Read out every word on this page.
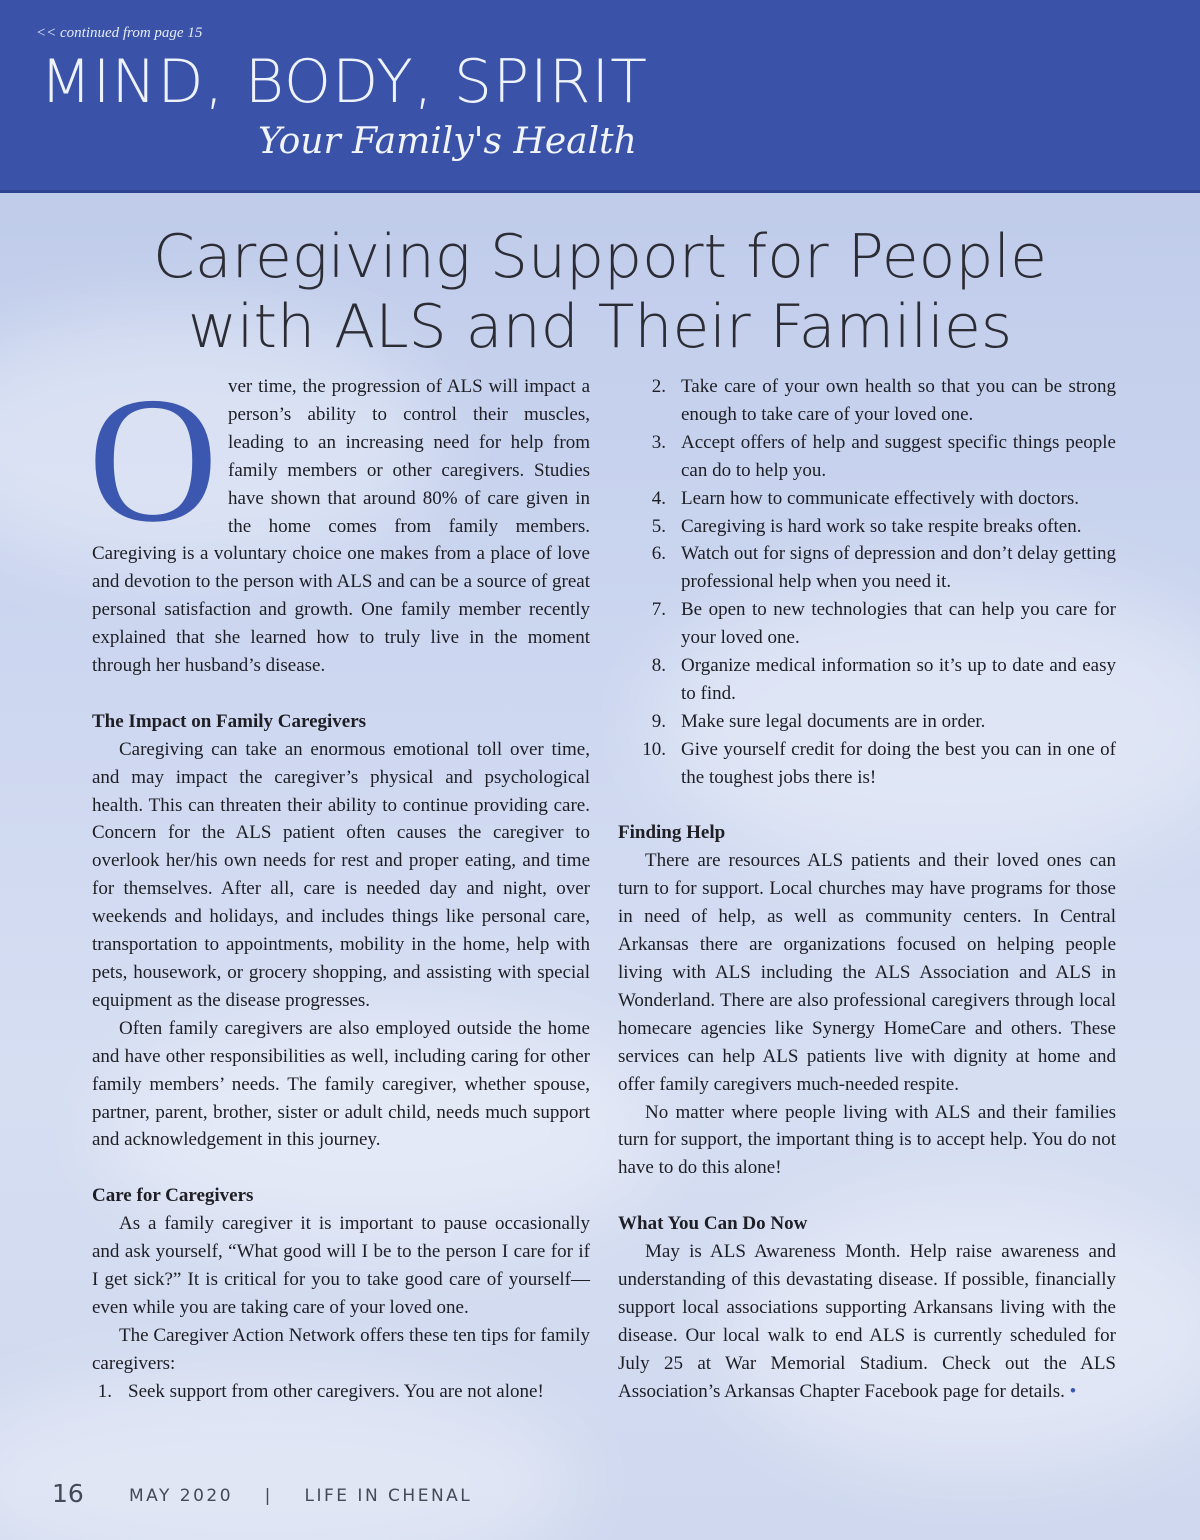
<< continued from page 15
MIND, BODY, SPIRIT
Your Family's Health
Caregiving Support for People
with ALS and Their Families

Over time, the progression of ALS will impact a person’s ability to control their muscles, leading to an increasing need for help from family members or other caregivers. Studies have shown that around 80% of care given in the home comes from family members. Caregiving is a voluntary choice one makes from a place of love and devotion to the person with ALS and can be a source of great personal satisfaction and growth. One family member recently explained that she learned how to truly live in the moment through her husband’s disease.

The Impact on Family Caregivers

Caregiving can take an enormous emotional toll over time, and may impact the caregiver’s physical and psychological health. This can threaten their ability to continue providing care. Concern for the ALS patient often causes the caregiver to overlook her/his own needs for rest and proper eating, and time for themselves. After all, care is needed day and night, over weekends and holidays, and includes things like personal care, transportation to appointments, mobility in the home, help with pets, housework, or grocery shopping, and assisting with special equipment as the disease progresses.

Often family caregivers are also employed outside the home and have other responsibilities as well, including caring for other family members’ needs. The family caregiver, whether spouse, partner, parent, brother, sister or adult child, needs much support and acknowledgement in this journey.

Care for Caregivers

As a family caregiver it is important to pause occasionally and ask yourself, “What good will I be to the person I care for if I get sick?” It is critical for you to take good care of yourself—even while you are taking care of your loved one.

The Caregiver Action Network offers these ten tips for family caregivers:

1. Seek support from other caregivers. You are not alone!
2. Take care of your own health so that you can be strong enough to take care of your loved one.
3. Accept offers of help and suggest specific things people can do to help you.
4. Learn how to communicate effectively with doctors.
5. Caregiving is hard work so take respite breaks often.
6. Watch out for signs of depression and don’t delay getting professional help when you need it.
7. Be open to new technologies that can help you care for your loved one.
8. Organize medical information so it’s up to date and easy to find.
9. Make sure legal documents are in order.
10. Give yourself credit for doing the best you can in one of the toughest jobs there is!
Finding Help

There are resources ALS patients and their loved ones can turn to for support. Local churches may have programs for those in need of help, as well as community centers. In Central Arkansas there are organizations focused on helping people living with ALS including the ALS Association and ALS in Wonderland. There are also professional caregivers through local homecare agencies like Synergy HomeCare and others. These services can help ALS patients live with dignity at home and offer family caregivers much-needed respite.

No matter where people living with ALS and their families turn for support, the important thing is to accept help. You do not have to do this alone!

What You Can Do Now

May is ALS Awareness Month. Help raise awareness and understanding of this devastating disease. If possible, financially support local associations supporting Arkansans living with the disease. Our local walk to end ALS is currently scheduled for July 25 at War Memorial Stadium. Check out the ALS Association’s Arkansas Chapter Facebook page for details. •

16	MAY 2020 | LIFE IN CHENAL
